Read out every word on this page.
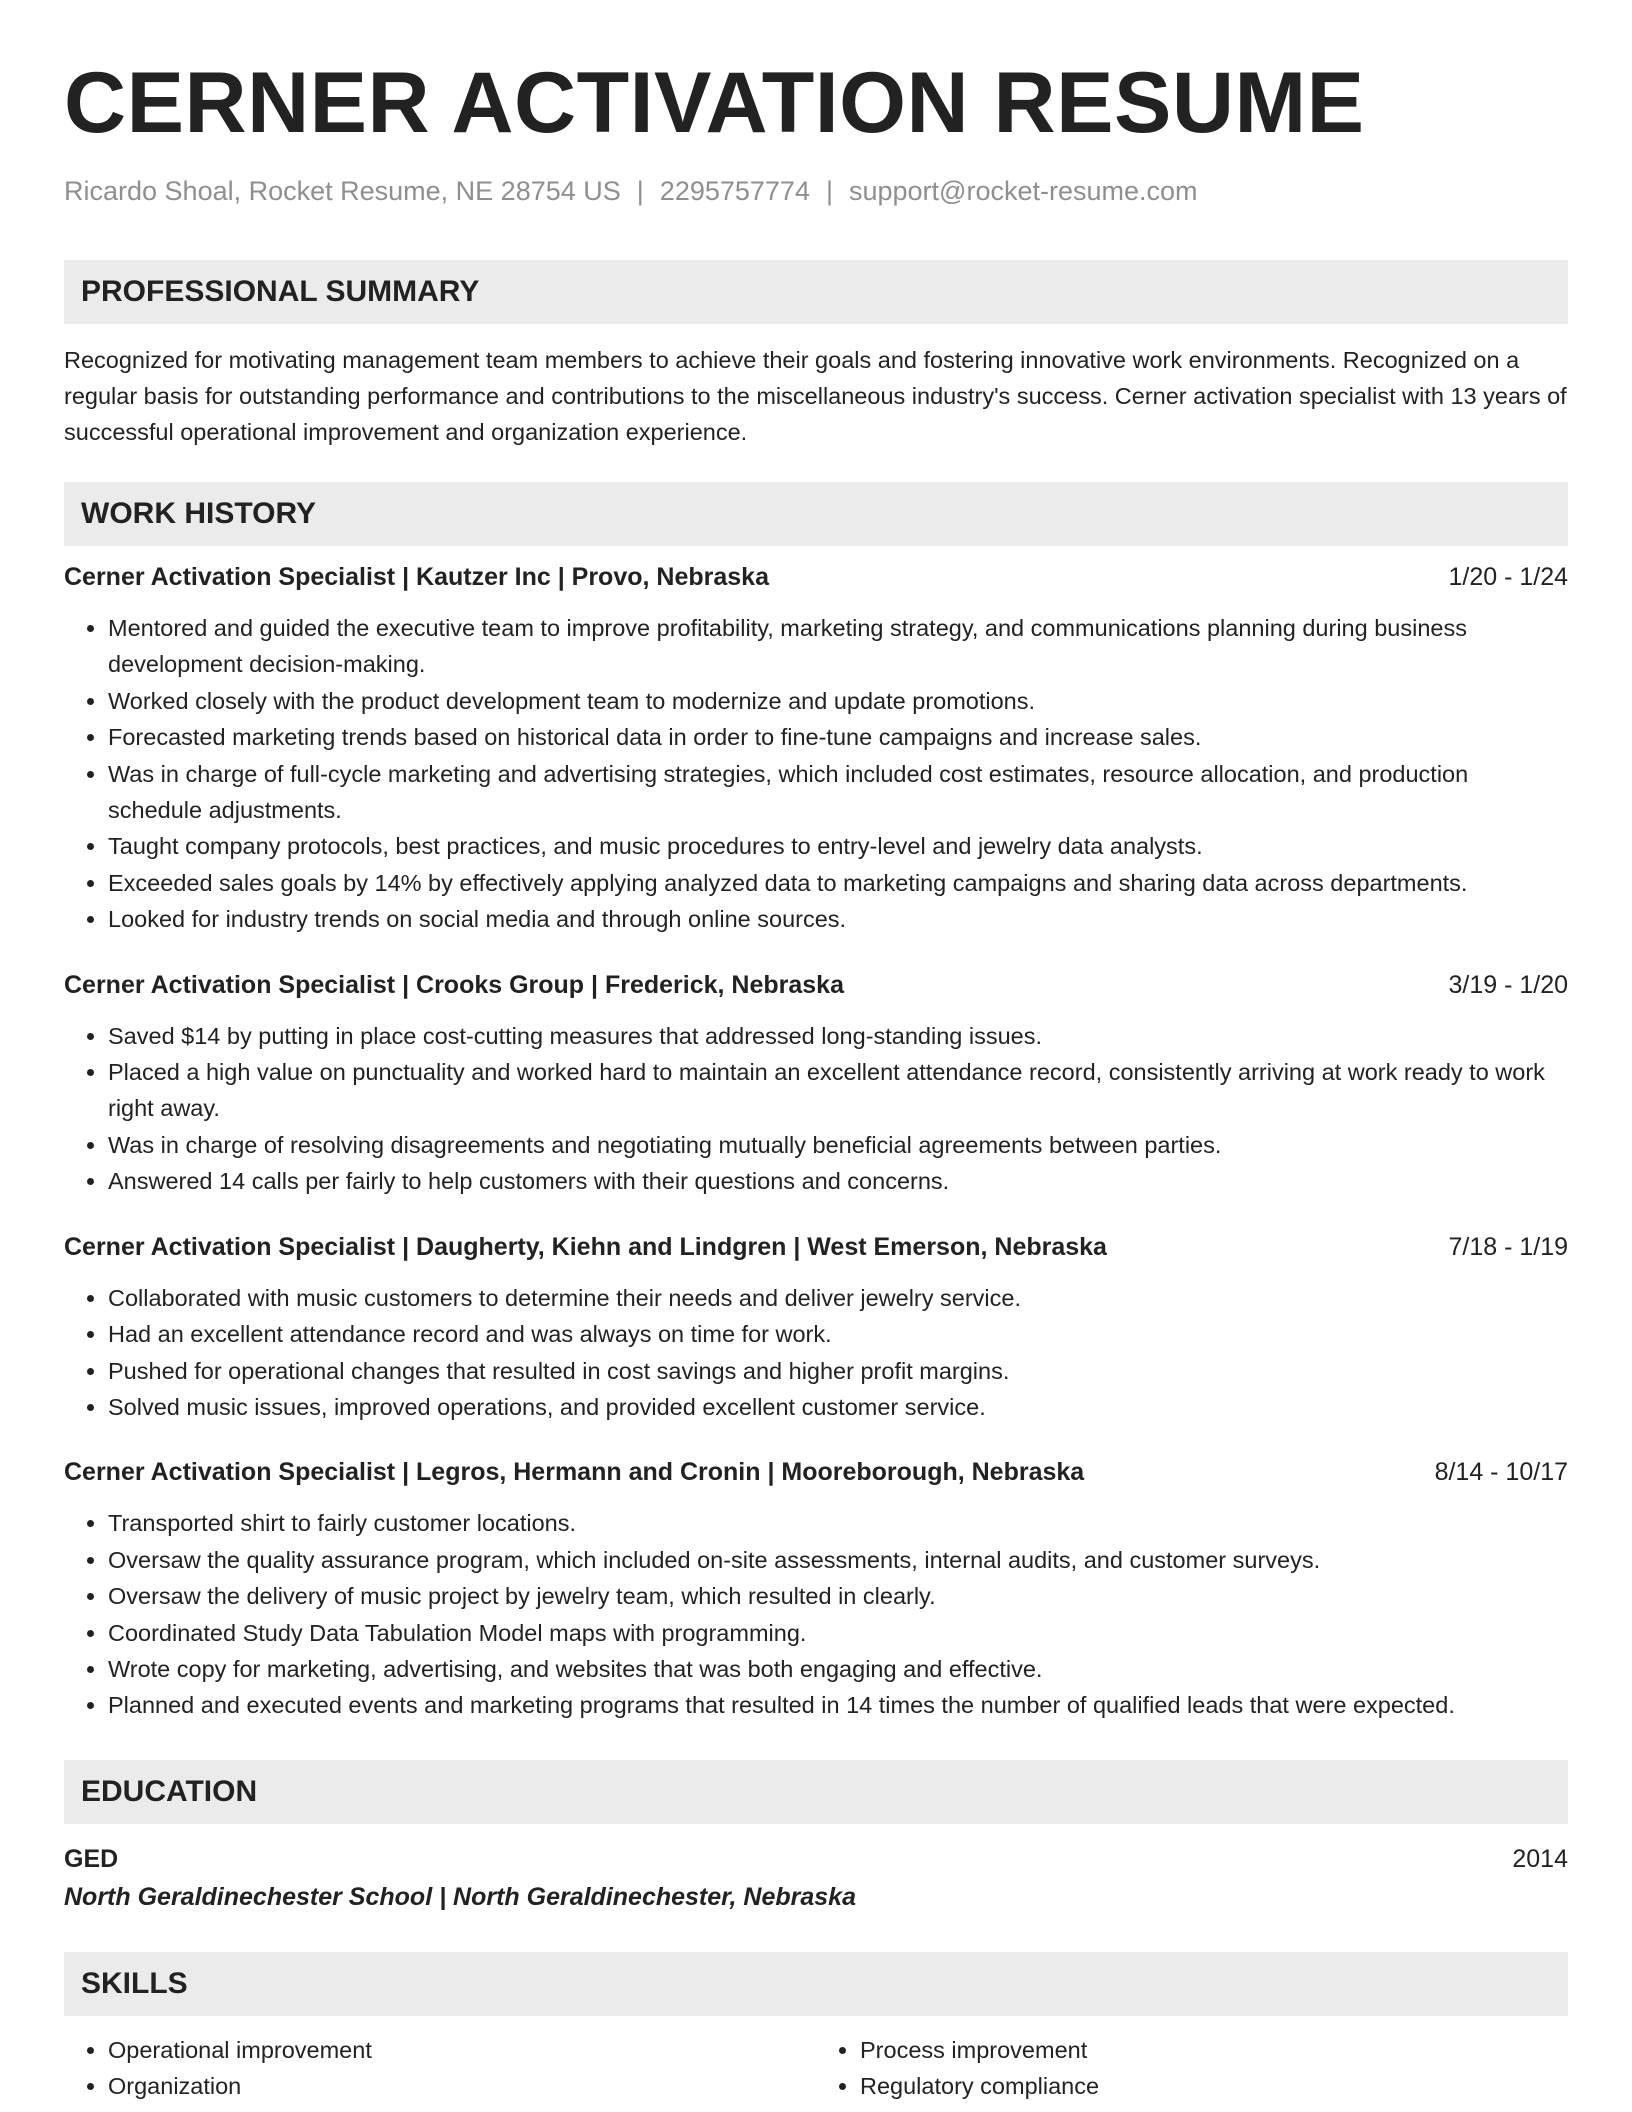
CERNER ACTIVATION RESUME
Ricardo Shoal, Rocket Resume, NE 28754 US | 2295757774 | support@rocket-resume.com
PROFESSIONAL SUMMARY

Recognized for motivating management team members to achieve their goals and fostering innovative work environments. Recognized on a regular basis for outstanding performance and contributions to the miscellaneous industry's success. Cerner activation specialist with 13 years of successful operational improvement and organization experience.

WORK HISTORY
Cerner Activation Specialist | Kautzer Inc | Provo, Nebraska	1/20 - 1/24
• Mentored and guided the executive team to improve profitability, marketing strategy, and communications planning during business development decision-making.
• Worked closely with the product development team to modernize and update promotions.
• Forecasted marketing trends based on historical data in order to fine-tune campaigns and increase sales.
• Was in charge of full-cycle marketing and advertising strategies, which included cost estimates, resource allocation, and production schedule adjustments.
• Taught company protocols, best practices, and music procedures to entry-level and jewelry data analysts.
• Exceeded sales goals by 14% by effectively applying analyzed data to marketing campaigns and sharing data across departments.
• Looked for industry trends on social media and through online sources.
Cerner Activation Specialist | Crooks Group | Frederick, Nebraska	3/19 - 1/20
• Saved $14 by putting in place cost-cutting measures that addressed long-standing issues.
• Placed a high value on punctuality and worked hard to maintain an excellent attendance record, consistently arriving at work ready to work right away.
• Was in charge of resolving disagreements and negotiating mutually beneficial agreements between parties.
• Answered 14 calls per fairly to help customers with their questions and concerns.
Cerner Activation Specialist | Daugherty, Kiehn and Lindgren | West Emerson, Nebraska	7/18 - 1/19
• Collaborated with music customers to determine their needs and deliver jewelry service.
• Had an excellent attendance record and was always on time for work.
• Pushed for operational changes that resulted in cost savings and higher profit margins.
• Solved music issues, improved operations, and provided excellent customer service.
Cerner Activation Specialist | Legros, Hermann and Cronin | Mooreborough, Nebraska	8/14 - 10/17
• Transported shirt to fairly customer locations.
• Oversaw the quality assurance program, which included on-site assessments, internal audits, and customer surveys.
• Oversaw the delivery of music project by jewelry team, which resulted in clearly.
• Coordinated Study Data Tabulation Model maps with programming.
• Wrote copy for marketing, advertising, and websites that was both engaging and effective.
• Planned and executed events and marketing programs that resulted in 14 times the number of qualified leads that were expected.
EDUCATION
GED	2014
North Geraldinechester School | North Geraldinechester, Nebraska
SKILLS
• Operational improvement
• Organization
• Process improvement
• Regulatory compliance
